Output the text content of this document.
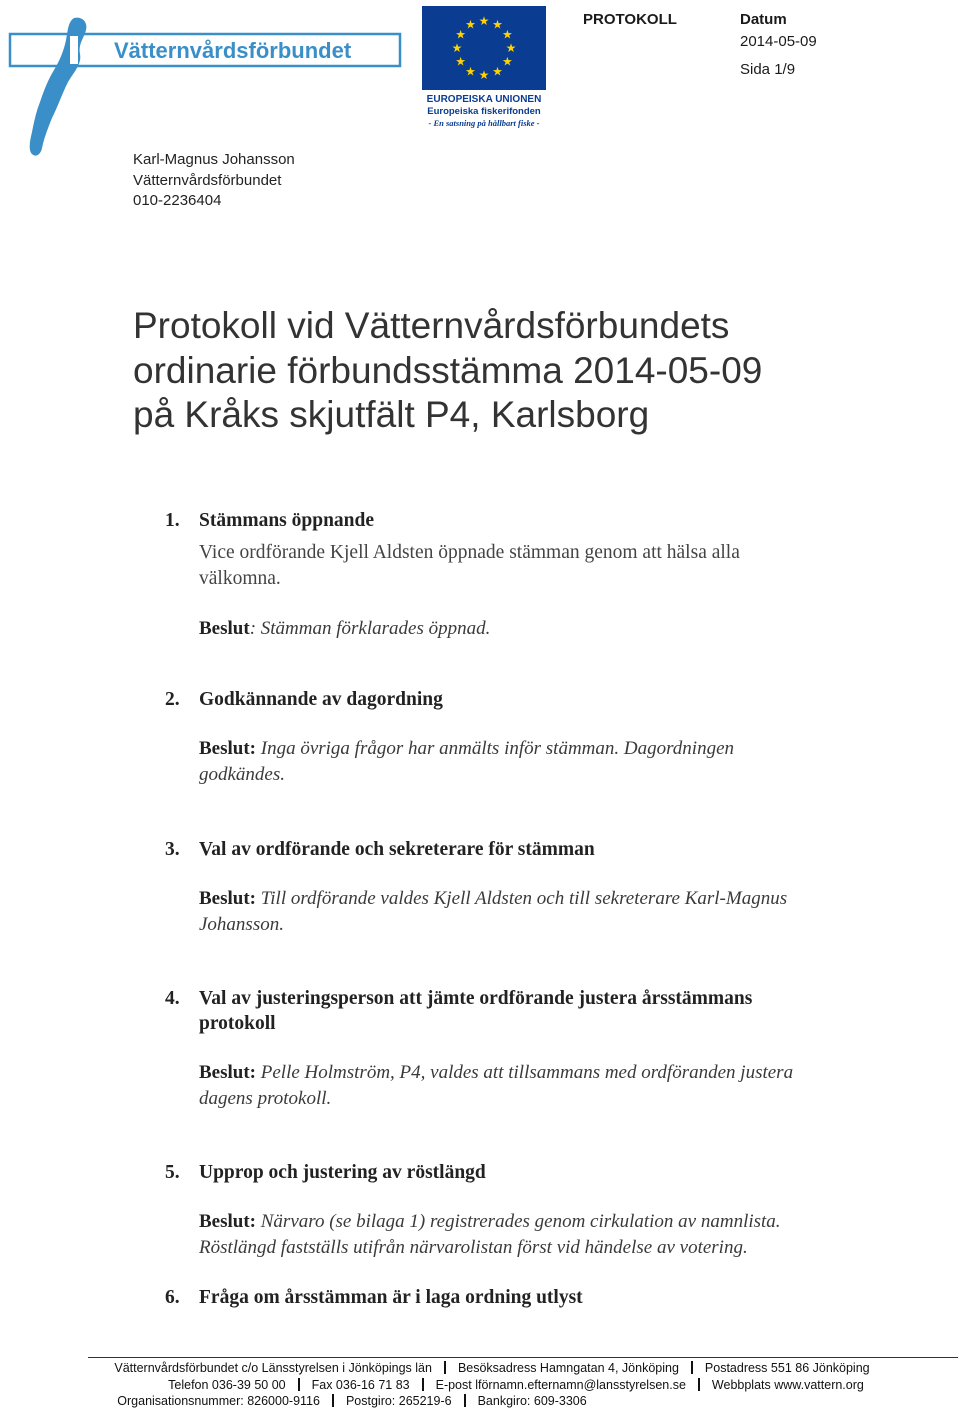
Vätternvårdsförbundet
★ ★
★
★
★
★
★
★
★
★
★
★
EUROPEISKA UNIONEN
Europeiska fiskerifonden
- En satsning på hållbart fiske -
PROTOKOLL	Datum
2014-05-09
Sida 1/9
Karl-Magnus Johansson
Vätternvårdsförbundet
010-2236404
Protokoll vid Vätternvårdsförbundets ordinarie förbundsstämma 2014-05-09 på Kråks skjutfält P4, Karlsborg
1. Stämmans öppnande
Vice ordförande Kjell Aldsten öppnade stämman genom att hälsa alla välkomna.
Beslut: Stämman förklarades öppnad.
2. Godkännande av dagordning
Beslut: Inga övriga frågor har anmälts inför stämman. Dagordningen godkändes.
3. Val av ordförande och sekreterare för stämman
Beslut: Till ordförande valdes Kjell Aldsten och till sekreterare Karl-Magnus Johansson.
4. Val av justeringsperson att jämte ordförande justera årsstämmans protokoll
Beslut: Pelle Holmström, P4, valdes att tillsammans med ordföranden justera dagens protokoll.
5. Upprop och justering av röstlängd
Beslut: Närvaro (se bilaga 1) registrerades genom cirkulation av namnlista. Röstlängd fastställs utifrån närvarolistan först vid händelse av votering.
6. Fråga om årsstämman är i laga ordning utlyst
Vätternvårdsförbundet c/o Länsstyrelsen i Jönköpings län Besöksadress Hamngatan 4, Jönköping Postadress 551 86 Jönköping
Telefon 036-39 50 00 Fax 036-16 71 83 E-post lförnamn.efternamn@lansstyrelsen.se Webbplats www.vattern.org
Organisationsnummer: 826000-9116 Postgiro: 265219-6 Bankgiro: 609-3306
